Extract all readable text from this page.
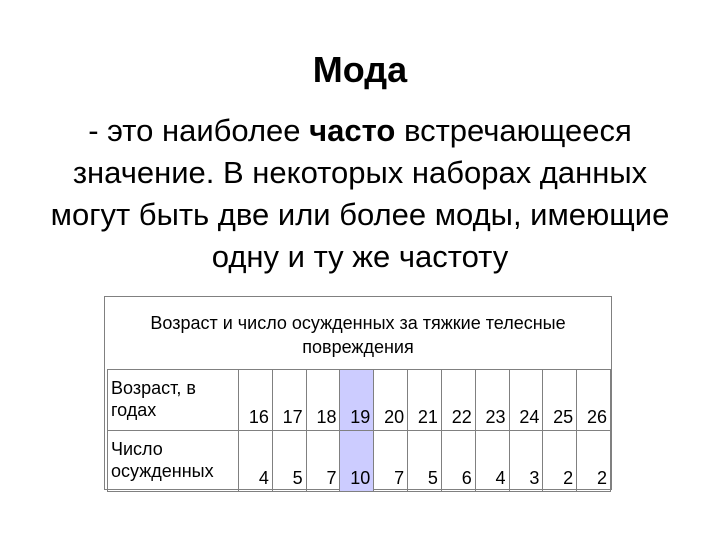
Мода
- это наиболее часто встречающееся значение. В некоторых наборах данных могут быть две или более моды, имеющие одну и ту же частоту
Возраст и число осужденных за тяжкие телесные повреждения
Возраст, в годах	16	17	18	19	20	21	22	23	24	25	26
Число осужденных	4	5	7	10	7	5	6	4	3	2	2
